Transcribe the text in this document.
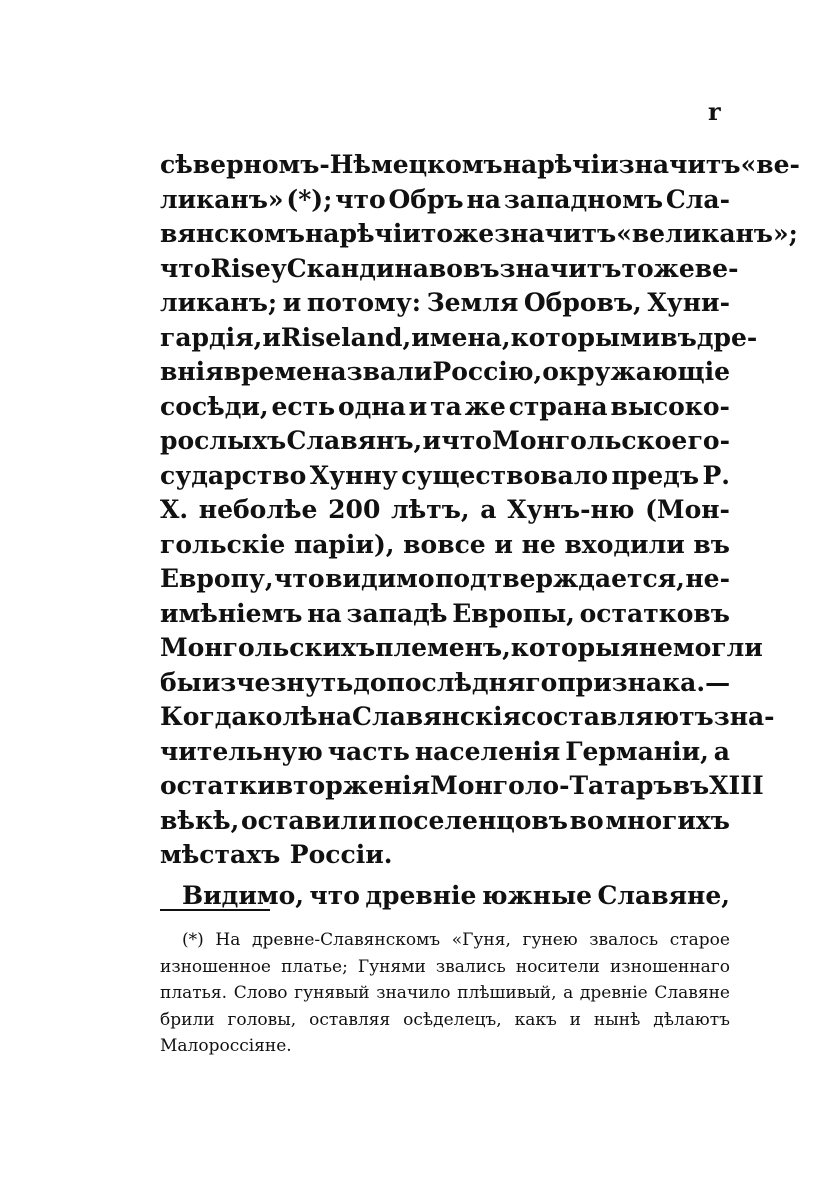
r
сѣверномъ-Нѣмецкомъ нарѣчіи значитъ «ве-
ликанъ» (*); что Обръ на западномъ Сла-
вянскомъ нарѣчіи тоже значитъ «великанъ»;
что Rise у Скандинавовъ значитъ тоже ве-
ликанъ; и потому: Земля Обровъ, Хуни-
гардія, и Riseland, имена, которыми въ дре-
внія времена звали Россію, окружающіе
сосѣди, есть одна и та же страна высоко-
рослыхъ Славянъ, и что Монгольское го-
сударство Хунну существовало предъ Р.
X. неболѣе 200 лѣтъ, а Хунъ-ню (Мон-
гольскіе паріи), вовсе и не входили въ
Европу, что видимо подтверждается, не-
имѣніемъ на западѣ Европы, остатковъ
Монгольскихъ племенъ, которыя не могли
бы изчезнуть до послѣдняго признака. —
Когда колѣна Славянскія составляютъ зна-
чительную часть населенія Германіи, а
остатки вторженія Монголо-Татаръ въ XIII
вѣкѣ, оставили поселенцовъ во многихъ
мѣстахъ Россіи.
Видимо, что древніе южные Славяне,
(*) На древне-Славянскомъ «Гуня, гунею звалось старое
изношенное платье; Гунями звались носители изношеннаго
платья. Слово гунявый значило плѣшивый, а древніе Славяне
брили головы, оставляя осѣделецъ, какъ и нынѣ дѣлаютъ
Малороссіяне.
